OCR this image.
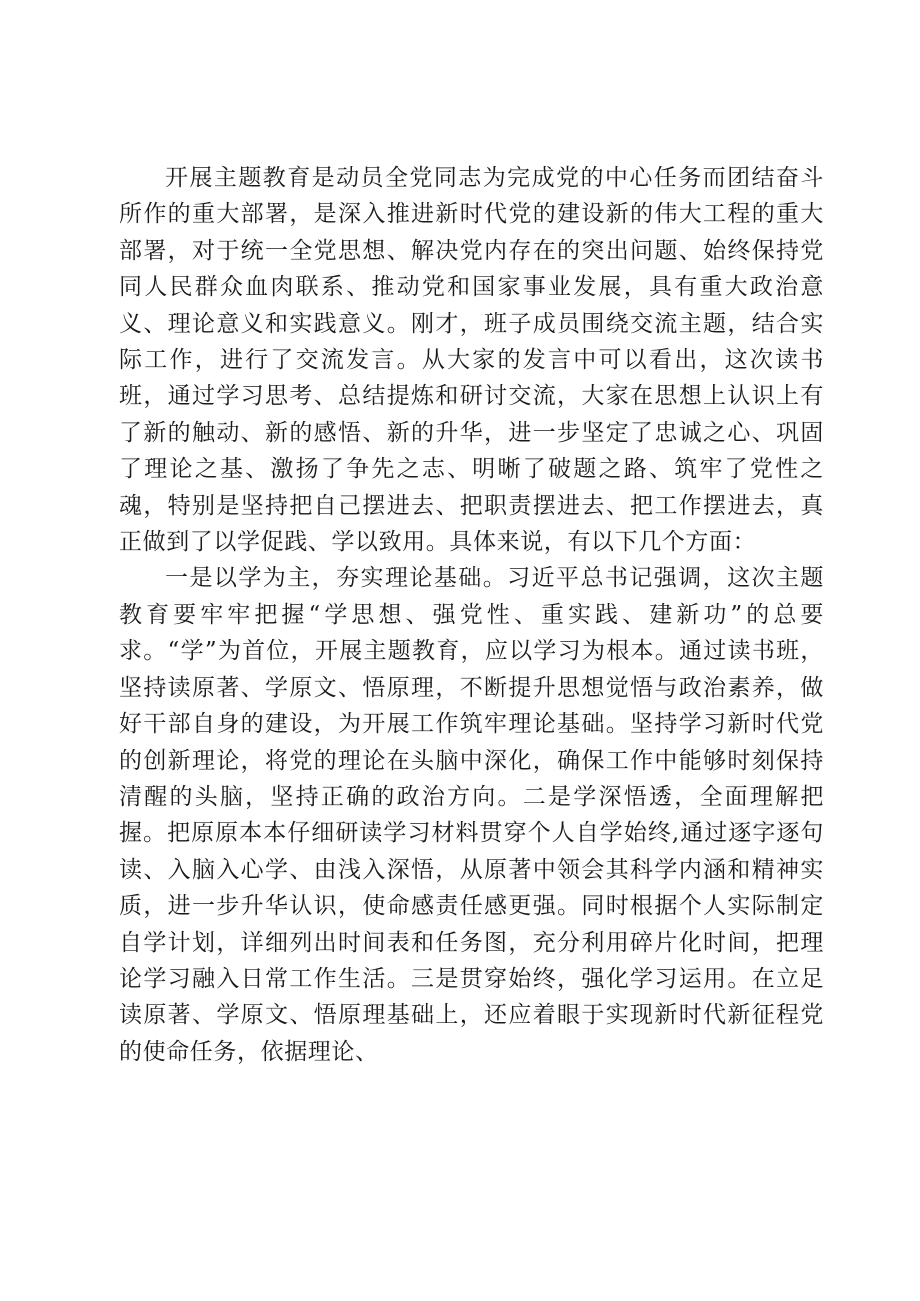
开展主题教育是动员全党同志为完成党的中心任务而团结奋斗所作的重大部署，是深入推进新时代党的建设新的伟大工程的重大部署，对于统一全党思想、解决党内存在的突出问题、始终保持党同人民群众血肉联系、推动党和国家事业发展，具有重大政治意义、理论意义和实践意义。刚才，班子成员围绕交流主题，结合实际工作，进行了交流发言。从大家的发言中可以看出，这次读书班，通过学习思考、总结提炼和研讨交流，大家在思想上认识上有了新的触动、新的感悟、新的升华，进一步坚定了忠诚之心、巩固了理论之基、激扬了争先之志、明晰了破题之路、筑牢了党性之魂，特别是坚持把自己摆进去、把职责摆进去、把工作摆进去，真正做到了以学促践、学以致用。具体来说，有以下几个方面：

一是以学为主，夯实理论基础。习近平总书记强调，这次主题教育要牢牢把握“学思想、强党性、重实践、建新功”的总要求。“学”为首位，开展主题教育，应以学习为根本。通过读书班，坚持读原著、学原文、悟原理，不断提升思想觉悟与政治素养，做好干部自身的建设，为开展工作筑牢理论基础。坚持学习新时代党的创新理论，将党的理论在头脑中深化，确保工作中能够时刻保持清醒的头脑，坚持正确的政治方向。二是学深悟透，全面理解把握。把原原本本仔细研读学习材料贯穿个人自学始终,通过逐字逐句读、入脑入心学、由浅入深悟，从原著中领会其科学内涵和精神实质，进一步升华认识，使命感责任感更强。同时根据个人实际制定自学计划，详细列出时间表和任务图，充分利用碎片化时间，把理论学习融入日常工作生活。三是贯穿始终，强化学习运用。在立足读原著、学原文、悟原理基础上，还应着眼于实现新时代新征程党的使命任务，依据理论、
